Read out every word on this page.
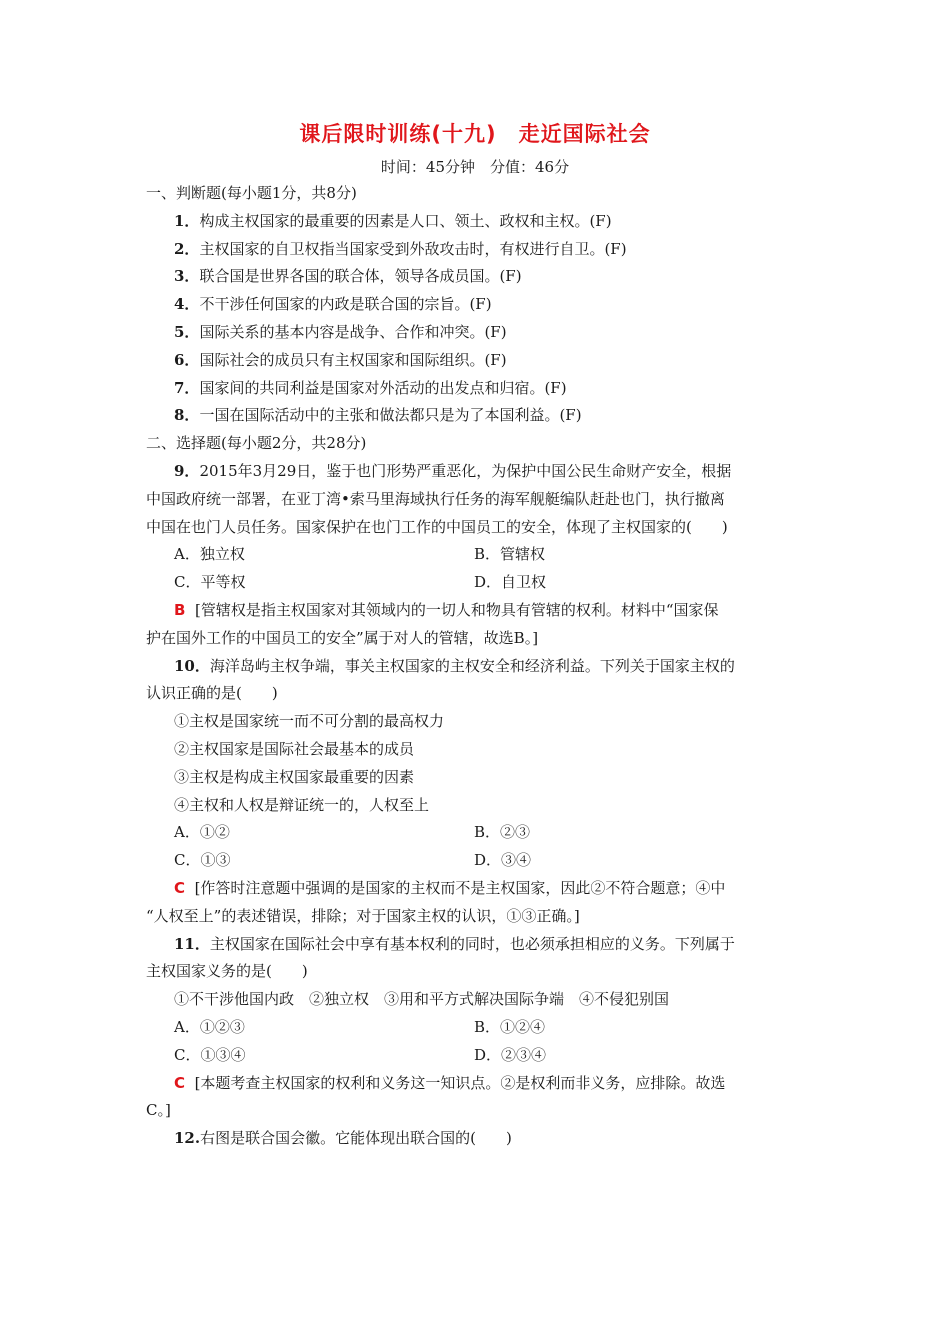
课后限时训练(十九)　走近国际社会
时间：45分钟　分值：46分
一、判断题(每小题1分，共8分)
1．构成主权国家的最重要的因素是人口、领土、政权和主权。(F)
2．主权国家的自卫权指当国家受到外敌攻击时，有权进行自卫。(F)
3．联合国是世界各国的联合体，领导各成员国。(F)
4．不干涉任何国家的内政是联合国的宗旨。(F)
5．国际关系的基本内容是战争、合作和冲突。(F)
6．国际社会的成员只有主权国家和国际组织。(F)
7．国家间的共同利益是国家对外活动的出发点和归宿。(F)
8．一国在国际活动中的主张和做法都只是为了本国利益。(F)
二、选择题(每小题2分，共28分)
9．2015年3月29日，鉴于也门形势严重恶化，为保护中国公民生命财产安全，根据
中国政府统一部署，在亚丁湾•索马里海域执行任务的海军舰艇编队赶赴也门，执行撤离
中国在也门人员任务。国家保护在也门工作的中国员工的安全，体现了主权国家的(　　)
A．独立权	B．管辖权
C．平等权	D．自卫权
B [管辖权是指主权国家对其领域内的一切人和物具有管辖的权利。材料中“国家保
护在国外工作的中国员工的安全”属于对人的管辖，故选B。]
10．海洋岛屿主权争端，事关主权国家的主权安全和经济利益。下列关于国家主权的
认识正确的是(　　)
①主权是国家统一而不可分割的最高权力
②主权国家是国际社会最基本的成员
③主权是构成主权国家最重要的因素
④主权和人权是辩证统一的，人权至上
A．①②	B．②③
C．①③	D．③④
C [作答时注意题中强调的是国家的主权而不是主权国家，因此②不符合题意；④中
“人权至上”的表述错误，排除；对于国家主权的认识，①③正确。]
11．主权国家在国际社会中享有基本权利的同时，也必须承担相应的义务。下列属于
主权国家义务的是(　　)
①不干涉他国内政　②独立权　③用和平方式解决国际争端　④不侵犯别国
A．①②③	B．①②④
C．①③④	D．②③④
C [本题考查主权国家的权利和义务这一知识点。②是权利而非义务，应排除。故选
C。]
12.右图是联合国会徽。它能体现出联合国的(　　)
